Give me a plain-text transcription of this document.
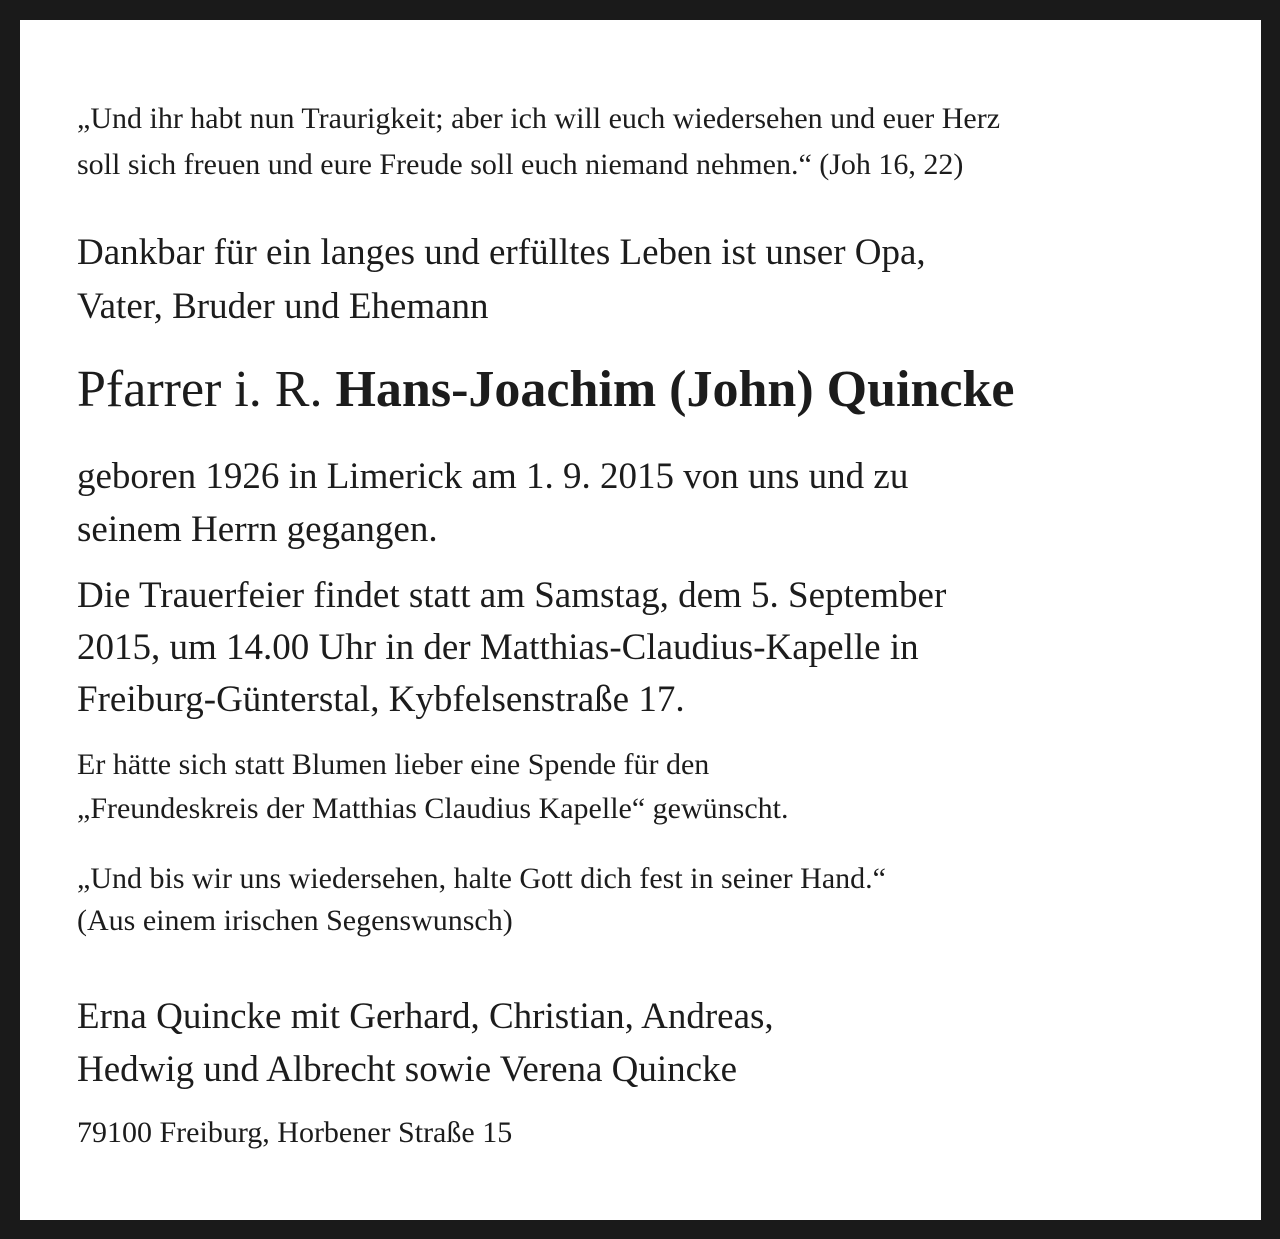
„Und ihr habt nun Traurigkeit; aber ich will euch wiedersehen und euer Herz
soll sich freuen und eure Freude soll euch niemand nehmen.“ (Joh 16, 22)
Dankbar für ein langes und erfülltes Leben ist unser Opa,
Vater, Bruder und Ehemann
Pfarrer i. R. Hans-Joachim (John) Quincke
geboren 1926 in Limerick am 1. 9. 2015 von uns und zu
seinem Herrn gegangen.
Die Trauerfeier findet statt am Samstag, dem 5. September
2015, um 14.00 Uhr in der Matthias-Claudius-Kapelle in
Freiburg-Günterstal, Kybfelsenstraße 17.
Er hätte sich statt Blumen lieber eine Spende für den
„Freundeskreis der Matthias Claudius Kapelle“ gewünscht.
„Und bis wir uns wiedersehen, halte Gott dich fest in seiner Hand.“
(Aus einem irischen Segenswunsch)
Erna Quincke mit Gerhard, Christian, Andreas,
Hedwig und Albrecht sowie Verena Quincke
79100 Freiburg, Horbener Straße 15
